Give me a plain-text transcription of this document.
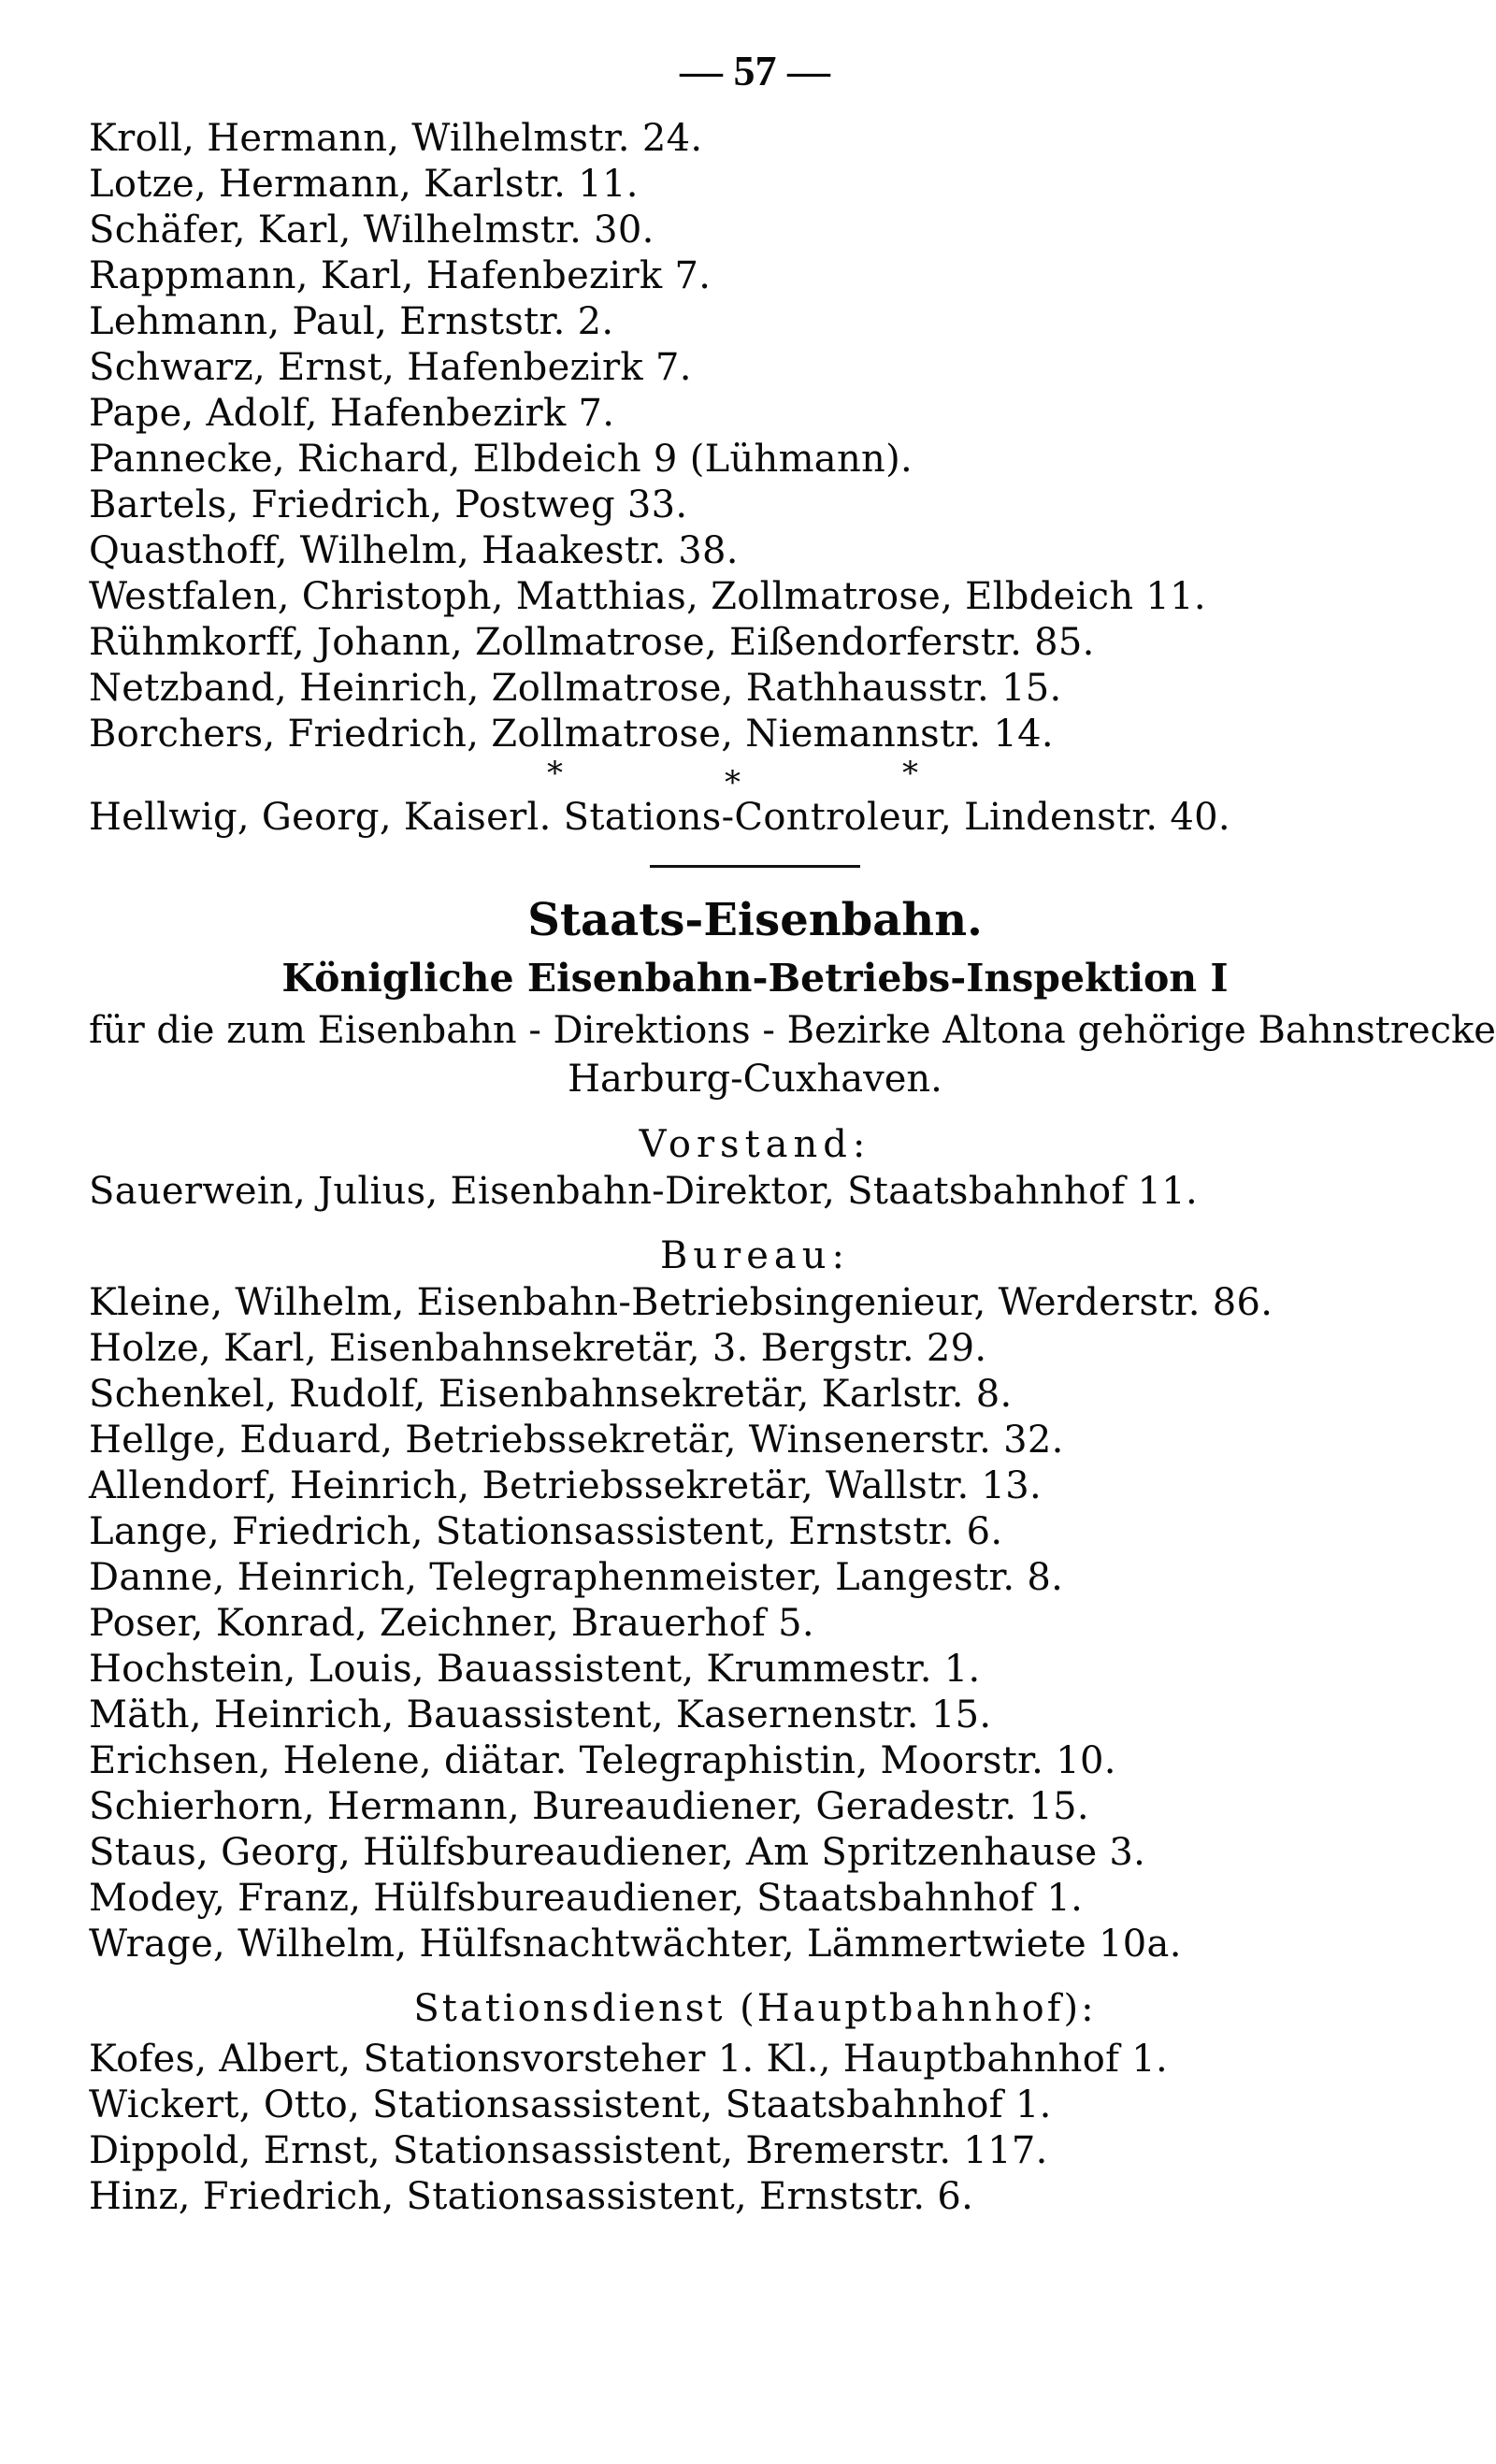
— 57 —
Kroll, Hermann, Wilhelmstr. 24.
Lotze, Hermann, Karlstr. 11.
Schäfer, Karl, Wilhelmstr. 30.
Rappmann, Karl, Hafenbezirk 7.
Lehmann, Paul, Ernststr. 2.
Schwarz, Ernst, Hafenbezirk 7.
Pape, Adolf, Hafenbezirk 7.
Pannecke, Richard, Elbdeich 9 (Lühmann).
Bartels, Friedrich, Postweg 33.
Quasthoff, Wilhelm, Haakestr. 38.
Westfalen, Christoph, Matthias, Zollmatrose, Elbdeich 11.
Rühmkorff, Johann, Zollmatrose, Eißendorferstr. 85.
Netzband, Heinrich, Zollmatrose, Rathhausstr. 15.
Borchers, Friedrich, Zollmatrose, Niemannstr. 14.
*	*	*
Hellwig, Georg, Kaiserl. Stations-Controleur, Lindenstr. 40.
Staats-Eisenbahn.
Königliche Eisenbahn-Betriebs-Inspektion I
für die zum Eisenbahn - Direktions - Bezirke Altona gehörige Bahnstrecke
Harburg-Cuxhaven.
Vorstand:
Sauerwein, Julius, Eisenbahn-Direktor, Staatsbahnhof 11.
Bureau:
Kleine, Wilhelm, Eisenbahn-Betriebsingenieur, Werderstr. 86.
Holze, Karl, Eisenbahnsekretär, 3. Bergstr. 29.
Schenkel, Rudolf, Eisenbahnsekretär, Karlstr. 8.
Hellge, Eduard, Betriebssekretär, Winsenerstr. 32.
Allendorf, Heinrich, Betriebssekretär, Wallstr. 13.
Lange, Friedrich, Stationsassistent, Ernststr. 6.
Danne, Heinrich, Telegraphenmeister, Langestr. 8.
Poser, Konrad, Zeichner, Brauerhof 5.
Hochstein, Louis, Bauassistent, Krummestr. 1.
Mäth, Heinrich, Bauassistent, Kasernenstr. 15.
Erichsen, Helene, diätar. Telegraphistin, Moorstr. 10.
Schierhorn, Hermann, Bureaudiener, Geradestr. 15.
Staus, Georg, Hülfsbureaudiener, Am Spritzenhause 3.
Modey, Franz, Hülfsbureaudiener, Staatsbahnhof 1.
Wrage, Wilhelm, Hülfsnachtwächter, Lämmertwiete 10a.
Stationsdienst (Hauptbahnhof):
Kofes, Albert, Stationsvorsteher 1. Kl., Hauptbahnhof 1.
Wickert, Otto, Stationsassistent, Staatsbahnhof 1.
Dippold, Ernst, Stationsassistent, Bremerstr. 117.
Hinz, Friedrich, Stationsassistent, Ernststr. 6.
